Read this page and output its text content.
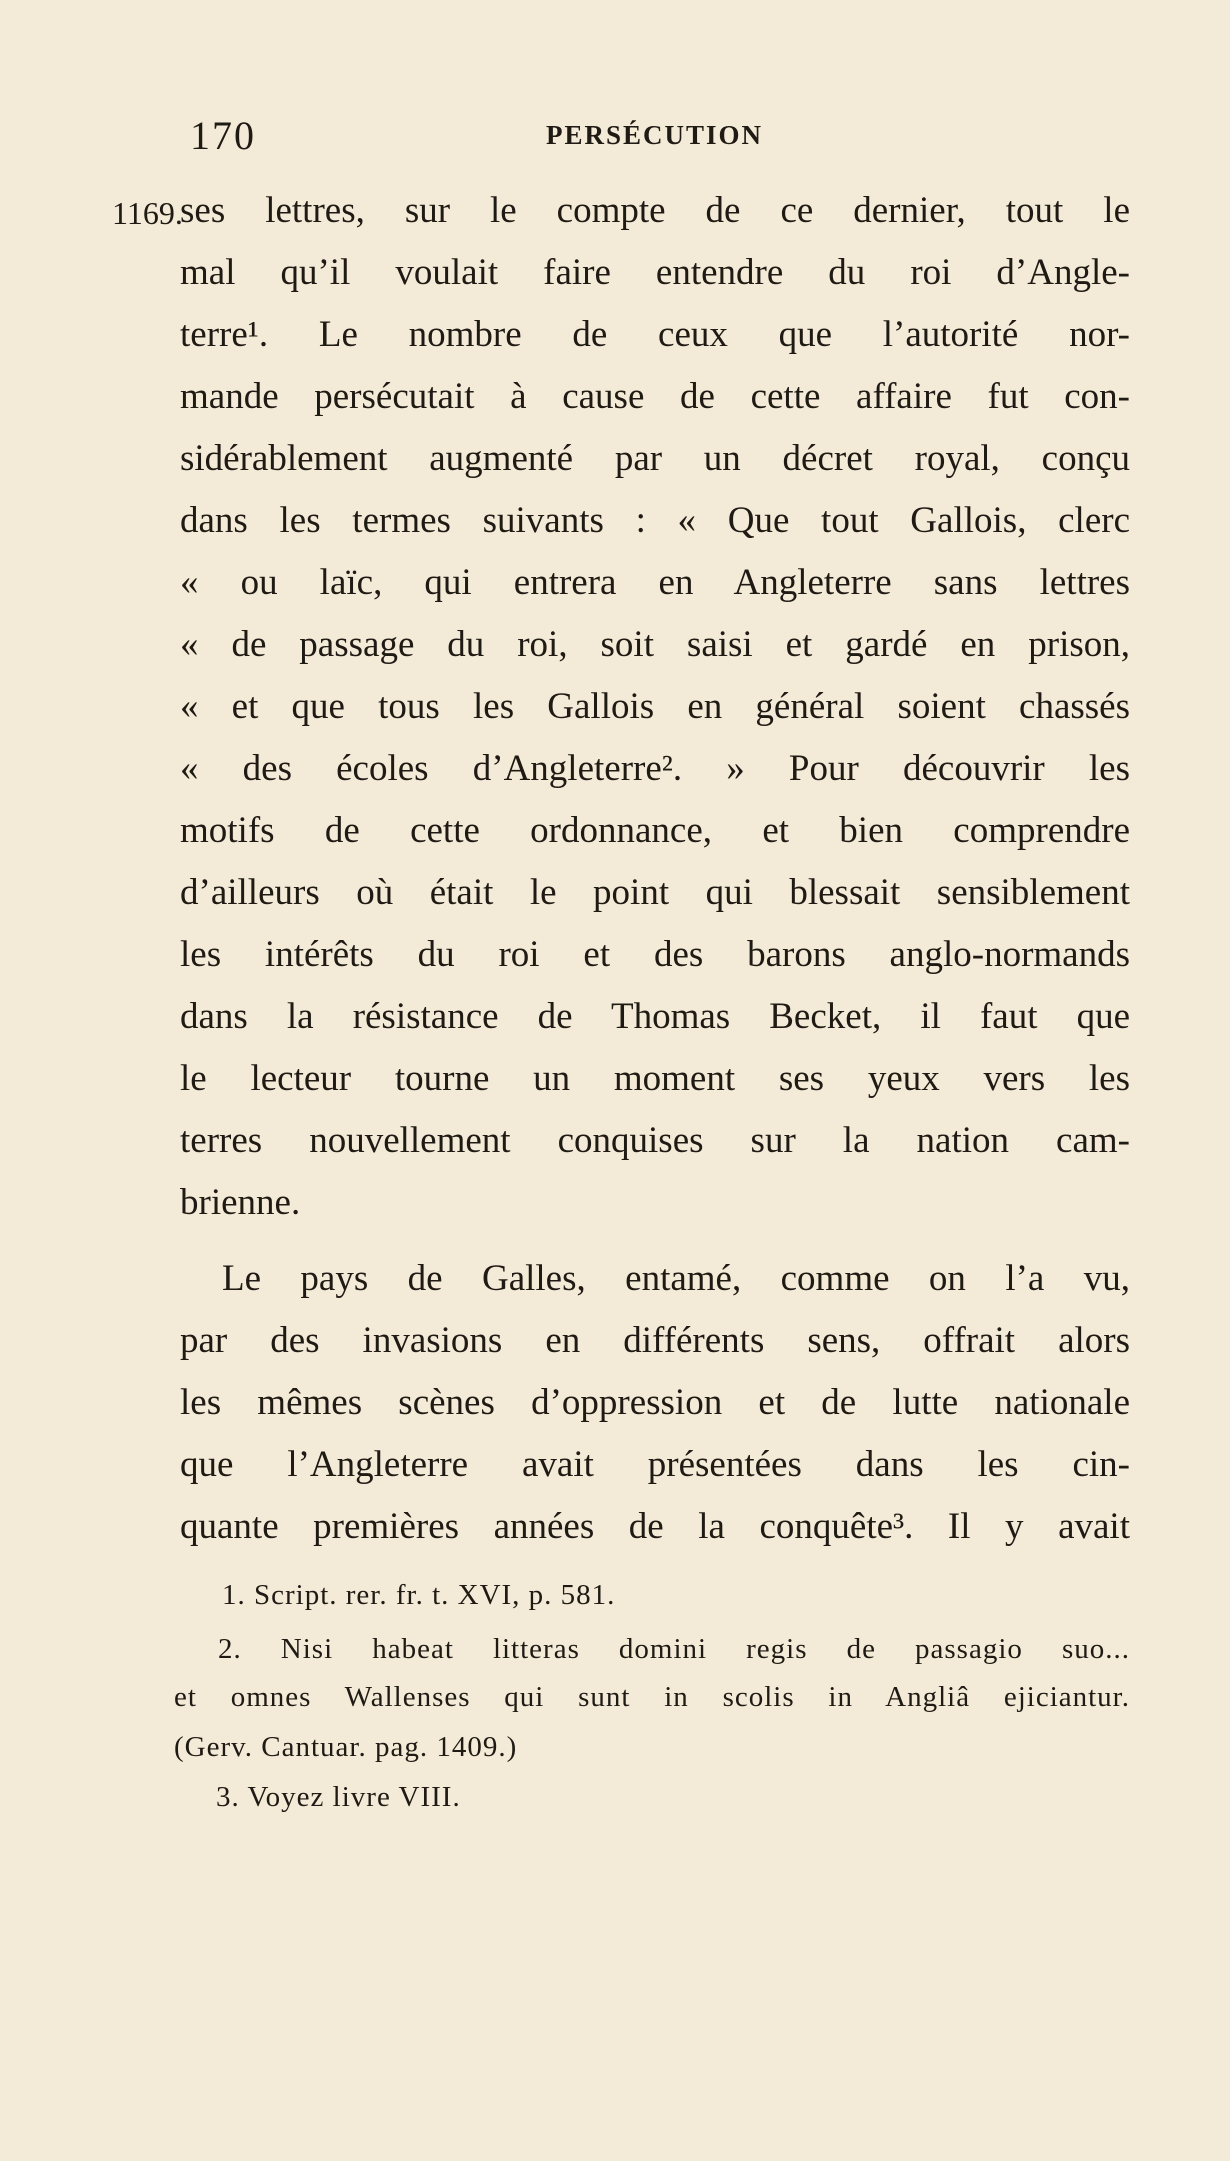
170	PERSÉCUTION
1169.
ses lettres, sur le compte de ce dernier, tout le
mal qu’il voulait faire entendre du roi d’Angle-
terre¹. Le nombre de ceux que l’autorité nor-
mande persécutait à cause de cette affaire fut con-
sidérablement augmenté par un décret royal, conçu
dans les termes suivants : « Que tout Gallois, clerc
« ou laïc, qui entrera en Angleterre sans lettres
« de passage du roi, soit saisi et gardé en prison,
« et que tous les Gallois en général soient chassés
« des écoles d’Angleterre². » Pour découvrir les
motifs de cette ordonnance, et bien comprendre
d’ailleurs où était le point qui blessait sensiblement
les intérêts du roi et des barons anglo-normands
dans la résistance de Thomas Becket, il faut que
le lecteur tourne un moment ses yeux vers les
terres nouvellement conquises sur la nation cam-
brienne.
Le pays de Galles, entamé, comme on l’a vu,
par des invasions en différents sens, offrait alors
les mêmes scènes d’oppression et de lutte nationale
que l’Angleterre avait présentées dans les cin-
quante premières années de la conquête³. Il y avait
1. Script. rer. fr. t. XVI, p. 581.
2. Nisi habeat litteras domini regis de passagio suo...
et omnes Wallenses qui sunt in scolis in Angliâ ejiciantur.
(Gerv. Cantuar. pag. 1409.)
3. Voyez livre VIII.
